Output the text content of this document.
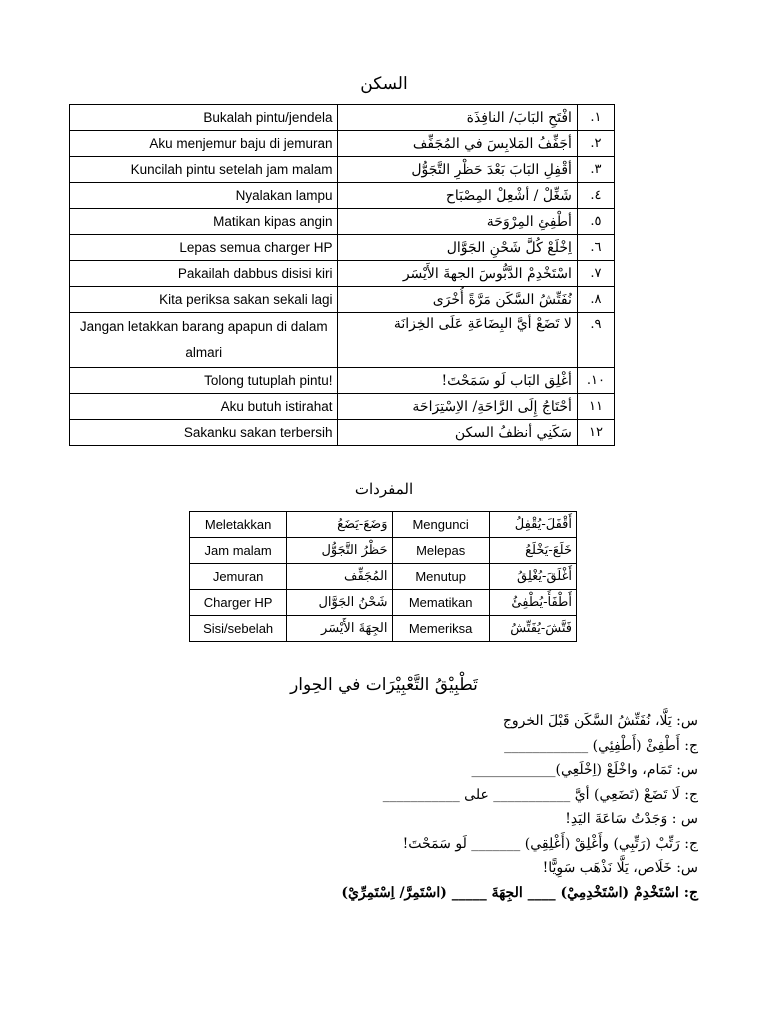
السكن
Bukalah pintu/jendela	افْتَحِ البَابَ/ النافِذَة	.١
Aku menjemur baju di jemuran	أجَفِّفُ المَلابِسَ في المُجَفِّف	.٢
Kuncilah pintu setelah jam malam	أقْفِلِ البَابَ بَعْدَ حَظْرِ التَّجَوُّل	.٣
Nyalakan lampu	شَغِّلْ / أشْعِلْ المِصْبَاح	.٤
Matikan kipas angin	أطْفِئِ المِرْوَحَة	.٥
Lepas semua charger HP	اِخْلَعْ كُلَّ شَحْنِ الجَوَّال	.٦
Pakailah dabbus disisi kiri	اسْتَخْدِمْ الدَّبُّوسَ الجهةَ الأَيْسَر	.٧
Kita periksa sakan sekali lagi	نُفَتِّشُ السَّكَن مَرَّةً أُخْرَى	.٨
Jangan letakkan barang apapun di dalam almari	لا تَضَعْ أيَّ البِضَاعَةِ عَلَى الخِزانَة	.٩
Tolong tutuplah pintu!	أغْلِق البَاب لَو سَمَحْتَ!	.١٠
Aku butuh istirahat	أحْتَاجُ إِلَى الرَّاحَةِ/ الاِسْتِرَاحَة	١١
Sakanku sakan terbersih	سَكَنِي أنظفُ السكن	١٢
المفردات
Meletakkan	وَضَعَ-يَضَعُ	Mengunci	أَقْفَلَ-يُقْفِلُ
Jam malam	حَظْرُ التَّجَوُّل	Melepas	خَلَعَ-يَخْلَعُ
Jemuran	المُجَفِّف	Menutup	أَغْلَقَ-يُغْلِقُ
Charger HP	شَحْنُ الجَوَّال	Mematikan	أَطْفَأَ-يُطْفِئُ
Sisi/sebelah	الجِهَةَ الأَيْسَر	Memeriksa	فَتَّشَ-يُفَتِّشُ
تَطْبِيْقُ التَّعْبِيْرَات في الحِوار
س: يَلَّا، نُفَتِّشُ السَّكَن قَبْلَ الخروج
ج: أَطْفِئْ (أَطْفِئِي) ____________
س: تَمَام، واخْلَعْ (اِخْلَعِي)____________
ج: لَا تَضَعْ (تَضَعِي) أيَّ ___________ على ___________
س : وَجَدْتُ سَاعَةَ اليَدِ!
ج: رَتِّبْ (رَتِّبِي) وأَغْلِقْ (أَغْلِقِي) _______ لَو سَمَحْتَ!
س: خَلَاص، يَلَّا نَذْهَب سَوِيًّا!
ج: اسْتَخْدِمْ (اسْتَخْدِمِيْ) ____ الجِهَةَ _____ (اسْتَمِرَّ/ اِسْتَمِرِّيْ)
